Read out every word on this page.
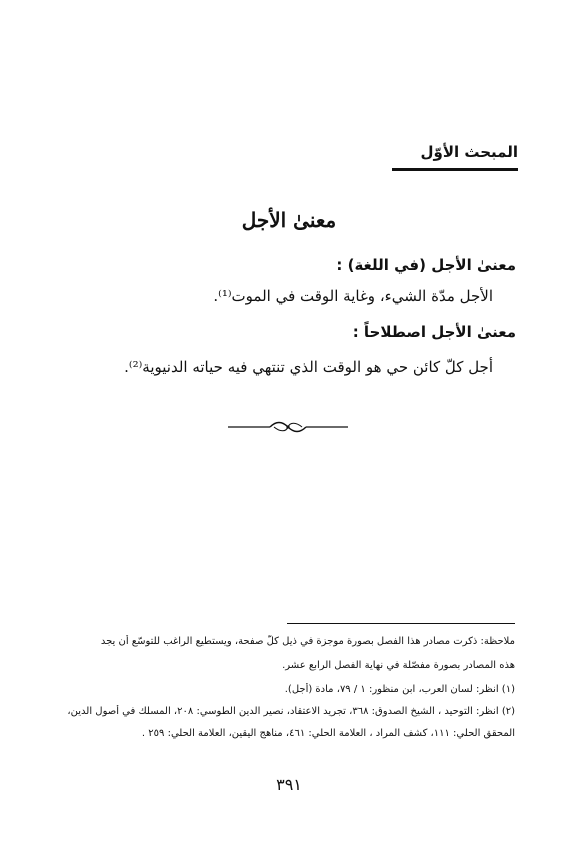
المبحث الأوّل
معنىٰ الأجل
معنىٰ الأجل (في اللغة) :
الأجل مدّة الشيء، وغاية الوقت في الموت⁽¹⁾.
معنىٰ الأجل اصطلاحاً :
أجل كلّ كائن حي هو الوقت الذي تنتهي فيه حياته الدنيوية⁽²⁾.
ملاحظة: ذكرت مصادر هذا الفصل بصورة موجزة في ذيل كلّ صفحة، ويستطيع الراغب للتوسّع أن يجد
هذه المصادر بصورة مفصّلة في نهاية الفصل الرابع عشر.
(١) انظر: لسان العرب، ابن منظور: ١ / ٧٩، مادة (أجل).
(٢) انظر: التوحيد ، الشيخ الصدوق: ٣٦٨، تجريد الاعتقاد، نصير الدين الطوسي: ٢٠٨، المسلك في أصول الدين،
المحقق الحلي: ١١١، كشف المراد ، العلامة الحلي: ٤٦١، مناهج اليقين، العلامة الحلي: ٢٥٩ .
٣٩١
